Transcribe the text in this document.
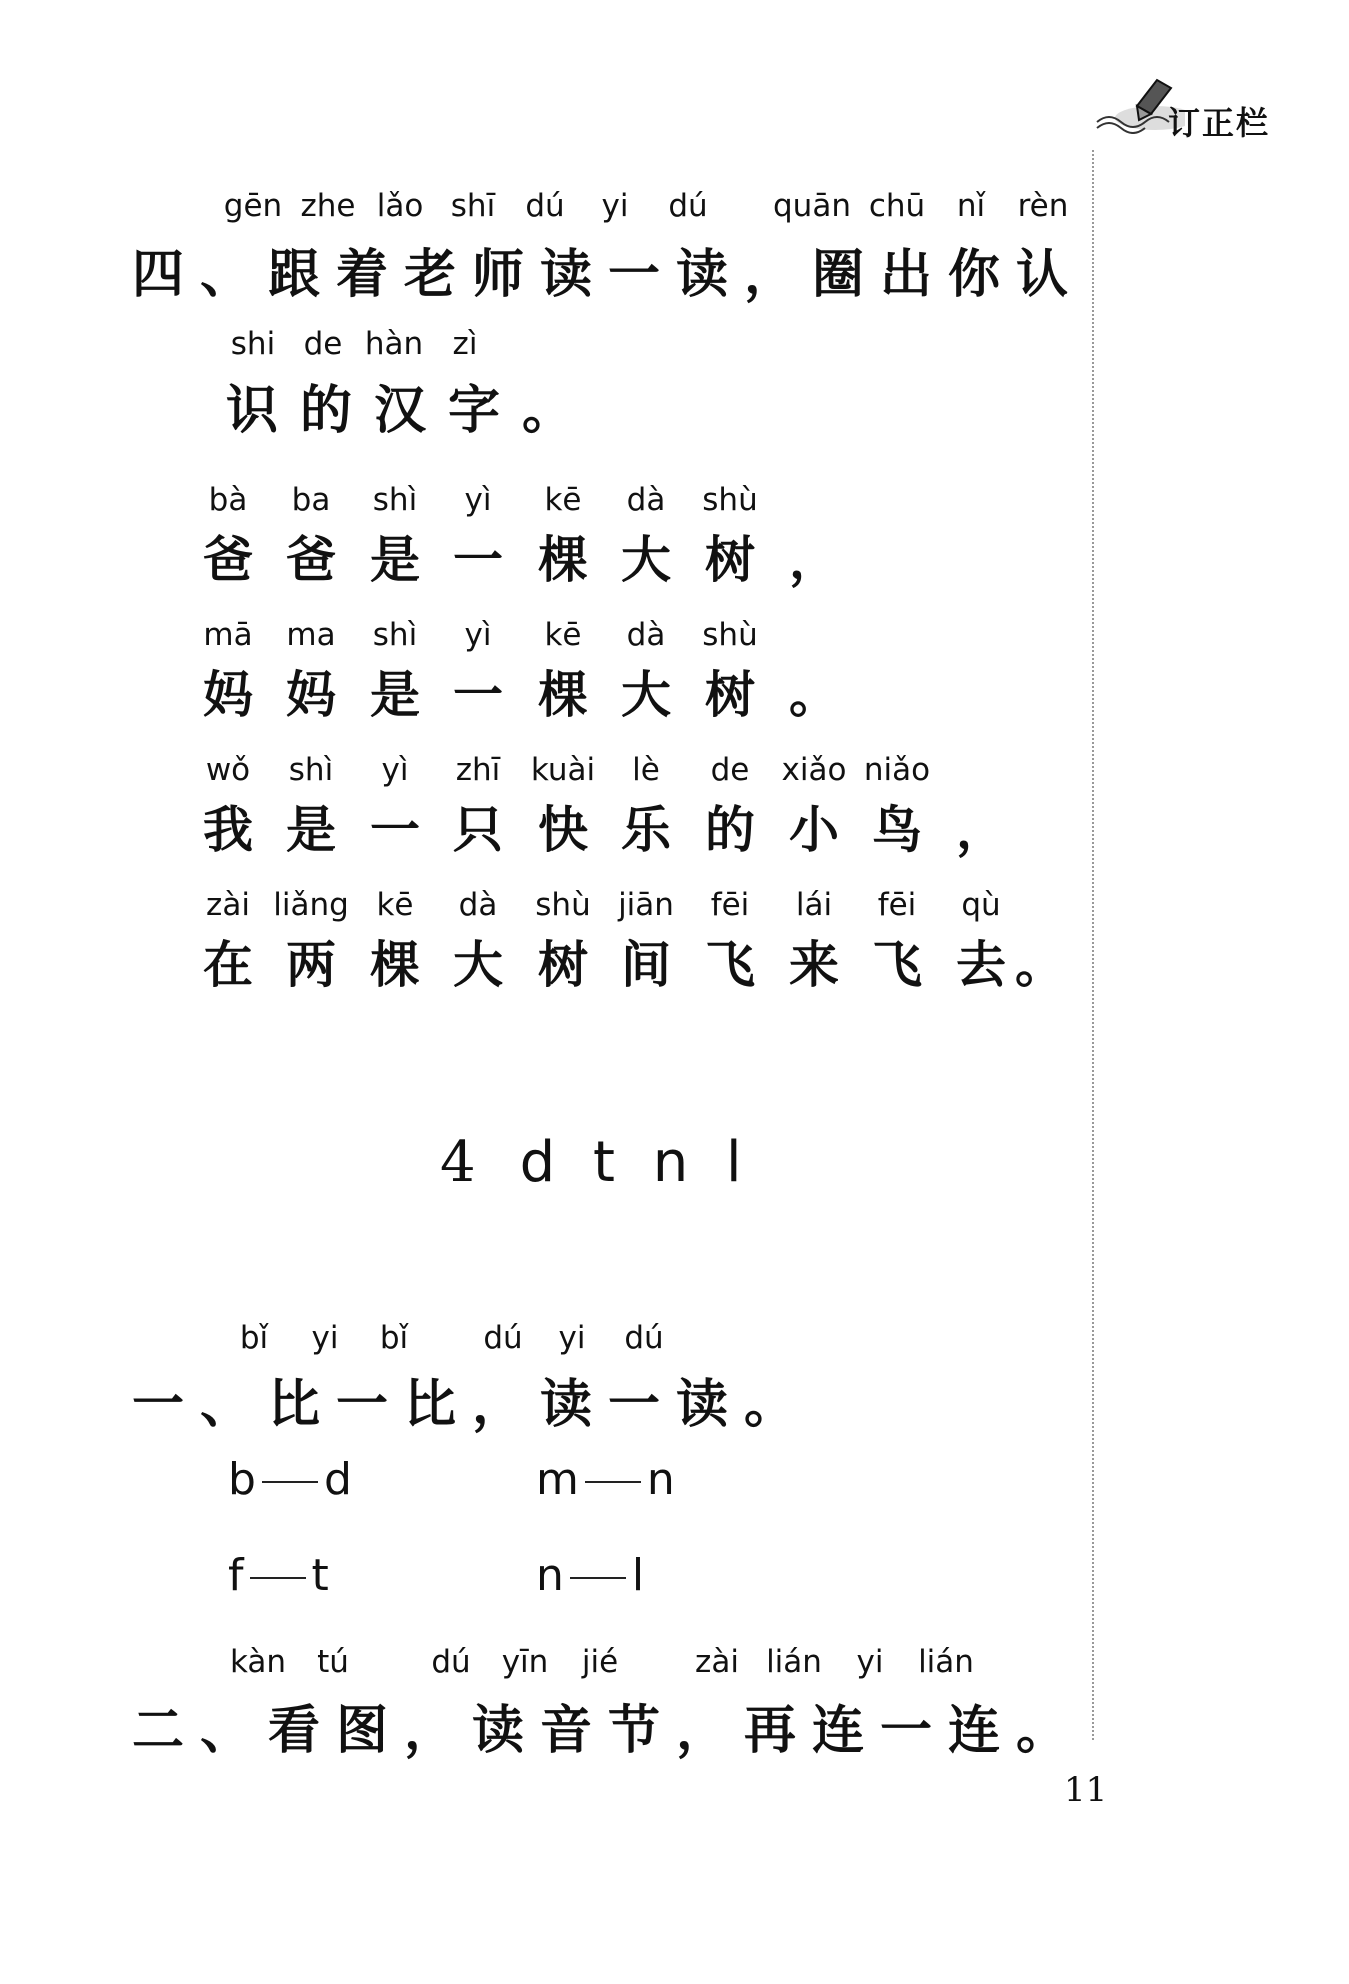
订正栏
gēn zhe lǎo shī dú	yi	dú	quān chū	nǐ	rèn
四、跟着老师读一读，圈出你认
shi de hàn zì
识的汉字。
bà	ba	shì	yì	kē	dà	shù
爸 爸 是 一 棵 大 树 ，
mā	ma	shì	yì	kē	dà	shù
妈 妈 是 一 棵 大 树 。
wǒ	shì	yì	zhī kuài	lè	de	xiǎo niǎo
我 是 一 只 快 乐 的 小 鸟 ，
zài liǎng kē	dà	shù jiān	fēi	lái	fēi	qù
在 两 棵 大 树 间 飞 来 飞 去 。
4 d t n l
bǐ	yi	bǐ	dú	yi	dú
一、比一比，读一读。
b d	m n
f t	n l
kàn	tú	dú	yīn	jié	zài lián	yi	lián
二、看图，读音节，再连一连。
11
